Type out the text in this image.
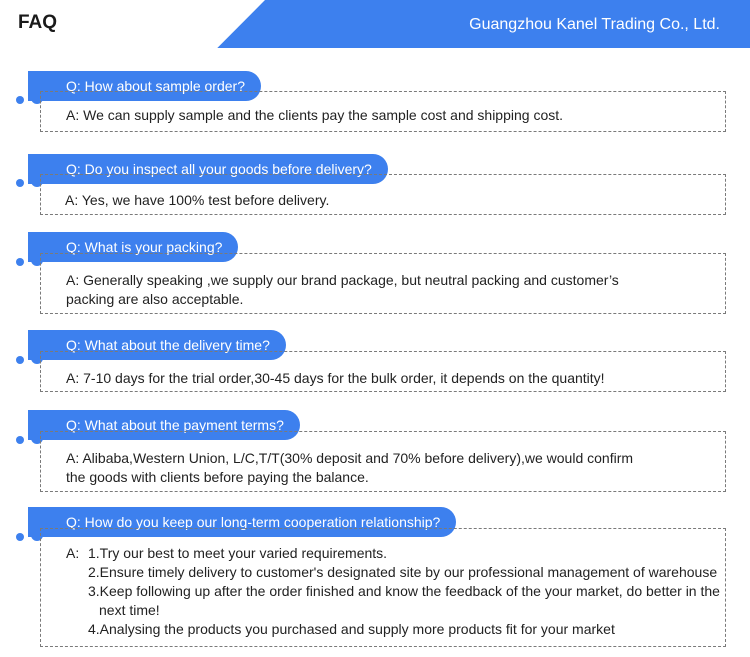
FAQ	Guangzhou Kanel Trading Co., Ltd.
Q: How about sample order?
A: We can supply sample and the clients pay the sample cost and shipping cost.
Q: Do you inspect all your goods before delivery?
A: Yes, we have 100% test before delivery.
Q: What is your packing?
A: Generally speaking ,we supply our brand package, but neutral packing and customer’s
packing are also acceptable.
Q: What about the delivery time?
A: 7-10 days for the trial order,30-45 days for the bulk order, it depends on the quantity!
Q: What about the payment terms?
A: Alibaba,Western Union, L/C,T/T(30% deposit and 70% before delivery),we would confirm
the goods with clients before paying the balance.
Q: How do you keep our long-term cooperation relationship?
A: 1.Try our best to meet your varied requirements.
2.Ensure timely delivery to customer's designated site by our professional management of warehouse
3.Keep following up after the order finished and know the feedback of the your market, do better in the
next time!
4.Analysing the products you purchased and supply more products fit for your market
